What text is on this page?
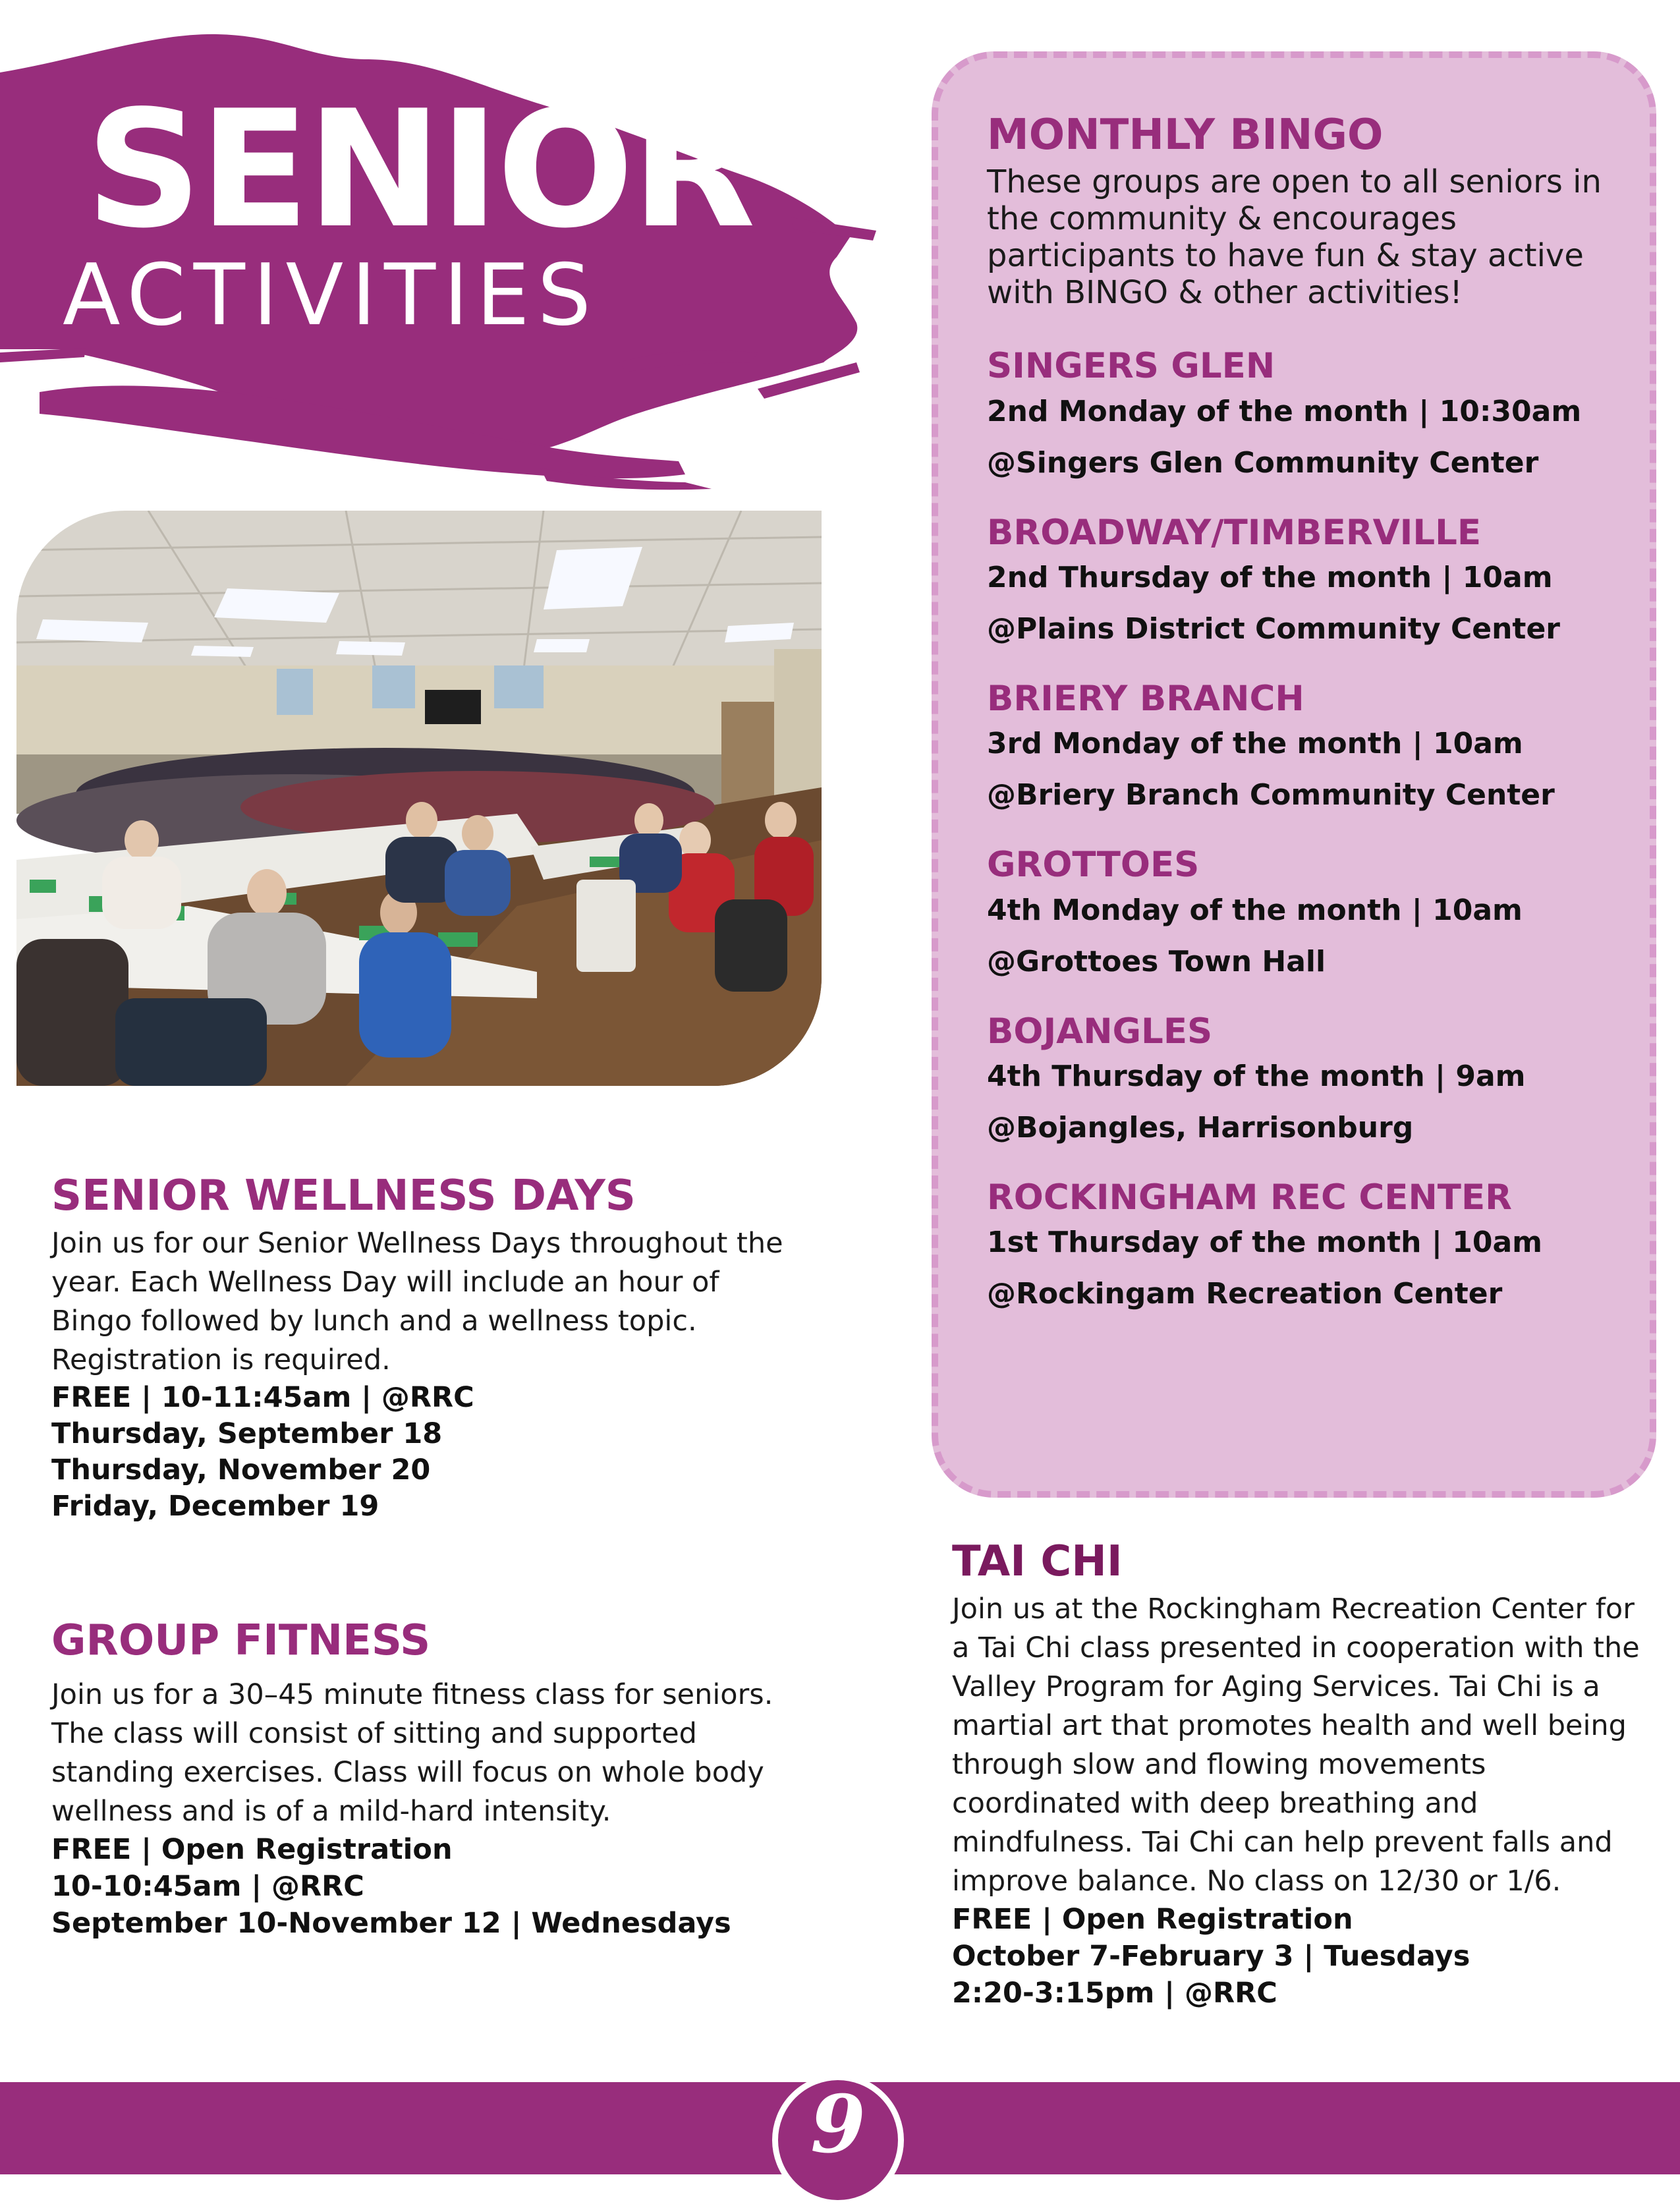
SENIOR
ACTIVITIES
SENIOR WELLNESS DAYS

Join us for our Senior Wellness Days throughout the year. Each Wellness Day will include an hour of Bingo followed by lunch and a wellness topic. Registration is required.

FREE | 10-11:45am | @RRC
Thursday, September 18
Thursday, November 20
Friday, December 19
GROUP FITNESS

Join us for a 30–45 minute fitness class for seniors. The class will consist of sitting and supported standing exercises. Class will focus on whole body wellness and is of a mild-hard intensity.

FREE | Open Registration
10-10:45am | @RRC
September 10-November 12 | Wednesdays
MONTHLY BINGO

These groups are open to all seniors in the community & encourages participants to have fun & stay active with BINGO & other activities!

SINGERS GLEN
2nd Monday of the month | 10:30am
@Singers Glen Community Center
BROADWAY/TIMBERVILLE
2nd Thursday of the month | 10am
@Plains District Community Center
BRIERY BRANCH
3rd Monday of the month | 10am
@Briery Branch Community Center
GROTTOES
4th Monday of the month | 10am
@Grottoes Town Hall
BOJANGLES
4th Thursday of the month | 9am
@Bojangles, Harrisonburg
ROCKINGHAM REC CENTER
1st Thursday of the month | 10am
@Rockingam Recreation Center
TAI CHI

Join us at the Rockingham Recreation Center for a Tai Chi class presented in cooperation with the Valley Program for Aging Services. Tai Chi is a martial art that promotes health and well being through slow and flowing movements coordinated with deep breathing and mindfulness. Tai Chi can help prevent falls and improve balance. No class on 12/30 or 1/6.

FREE | Open Registration
October 7-February 3 | Tuesdays
2:20-3:15pm | @RRC
9
